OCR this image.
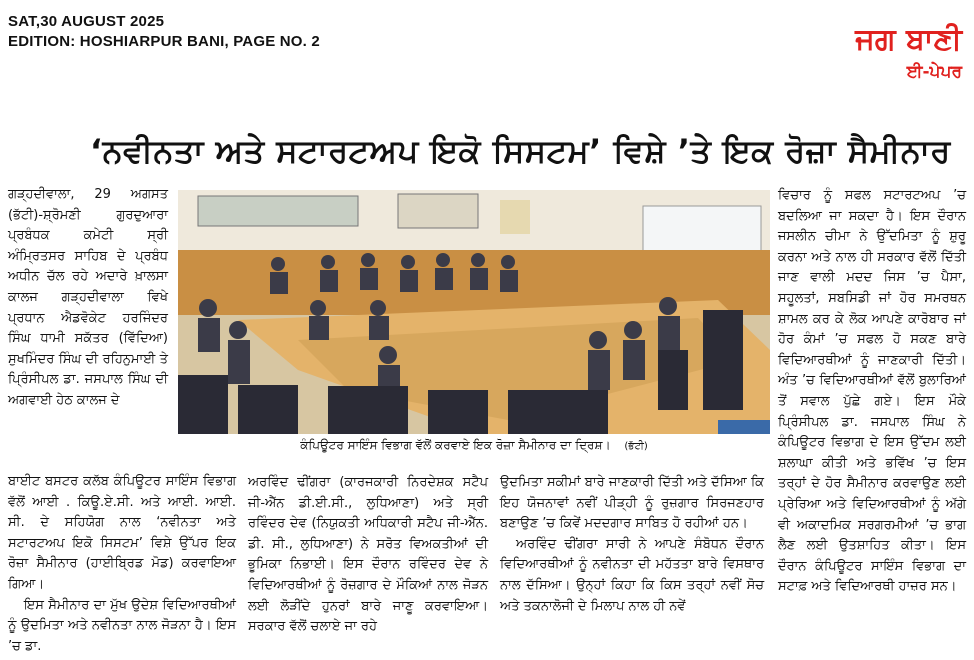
SAT,30 AUGUST 2025
EDITION: HOSHIARPUR BANI, PAGE NO. 2	ਜਗ ਬਾਣੀ
ਈ-ਪੇਪਰ
‘ਨਵੀਨਤਾ ਅਤੇ ਸਟਾਰਟਅਪ ਇਕੋ ਸਿਸਟਮ’ ਵਿਸ਼ੇ ’ਤੇ ਇਕ ਰੋਜ਼ਾ ਸੈਮੀਨਾਰ

ਗੜ੍ਹਦੀਵਾਲਾ, 29 ਅਗਸਤ (ਭੱਟੀ)-ਸ਼੍ਰੋਮਣੀ ਗੁਰਦੁਆਰਾ ਪ੍ਰਬੰਧਕ ਕਮੇਟੀ ਸ੍ਰੀ ਅੰਮ੍ਰਿਤਸਰ ਸਾਹਿਬ ਦੇ ਪ੍ਰਬੰਧ ਅਧੀਨ ਚੱਲ ਰਹੇ ਅਦਾਰੇ ਖ਼ਾਲਸਾ ਕਾਲਜ ਗੜ੍ਹਦੀਵਾਲਾ ਵਿਖੇ ਪ੍ਰਧਾਨ ਐਡਵੋਕੇਟ ਹਰਜਿੰਦਰ ਸਿੰਘ ਧਾਮੀ ਸਕੱਤਰ (ਵਿੱਦਿਆ) ਸੁਖਮਿੰਦਰ ਸਿੰਘ ਦੀ ਰਹਿਨੁਮਾਈ ਤੇ ਪ੍ਰਿੰਸੀਪਲ ਡਾ. ਜਸਪਾਲ ਸਿੰਘ ਦੀ ਅਗਵਾਈ ਹੇਠ ਕਾਲਜ ਦੇ

ਕੰਪਿਊਟਰ ਸਾਇੰਸ ਵਿਭਾਗ ਵੱਲੋਂ ਕਰਵਾਏ ਇਕ ਰੋਜ਼ਾ ਸੈਮੀਨਾਰ ਦਾ ਦ੍ਰਿਸ਼। (ਭੱਟੀ)

ਬਾਈਟ ਬਸਟਰ ਕਲੱਬ ਕੰਪਿਊਟਰ ਸਾਇੰਸ ਵਿਭਾਗ ਵੱਲੋਂ ਆਈ . ਕਿਊ.ਏ.ਸੀ. ਅਤੇ ਆਈ. ਆਈ. ਸੀ. ਦੇ ਸਹਿਯੋਗ ਨਾਲ ‘ਨਵੀਨਤਾ ਅਤੇ ਸਟਾਰਟਅਪ ਇਕੋ ਸਿਸਟਮ’ ਵਿਸ਼ੇ ਉੱਪਰ ਇਕ ਰੋਜ਼ਾ ਸੈਮੀਨਾਰ (ਹਾਈਬ੍ਰਿਡ ਮੋਡ) ਕਰਵਾਇਆ ਗਿਆ।

ਇਸ ਸੈਮੀਨਾਰ ਦਾ ਮੁੱਖ ਉਦੇਸ਼ ਵਿਦਿਆਰਥੀਆਂ ਨੂੰ ਉਦਮਿਤਾ ਅਤੇ ਨਵੀਨਤਾ ਨਾਲ ਜੋੜਨਾ ਹੈ। ਇਸ ’ਚ ਡਾ.

ਅਰਵਿੰਦ ਢੀਂਗਰਾ (ਕਾਰਜਕਾਰੀ ਨਿਰਦੇਸ਼ਕ ਸਟੈਪ ਜੀ-ਐੱਨ ਡੀ.ਈ.ਸੀ., ਲੁਧਿਆਣਾ) ਅਤੇ ਸ੍ਰੀ ਰਵਿੰਦਰ ਦੇਵ (ਨਿਯੁਕਤੀ ਅਧਿਕਾਰੀ ਸਟੈਪ ਜੀ-ਐੱਨ. ਡੀ. ਸੀ., ਲੁਧਿਆਣਾ) ਨੇ ਸਰੋਤ ਵਿਅਕਤੀਆਂ ਦੀ ਭੂਮਿਕਾ ਨਿਭਾਈ। ਇਸ ਦੌਰਾਨ ਰਵਿੰਦਰ ਦੇਵ ਨੇ ਵਿਦਿਆਰਥੀਆਂ ਨੂੰ ਰੋਜ਼ਗਾਰ ਦੇ ਮੌਕਿਆਂ ਨਾਲ ਜੋੜਨ ਲਈ ਲੋੜੀਂਦੇ ਹੁਨਰਾਂ ਬਾਰੇ ਜਾਣੂ ਕਰਵਾਇਆ। ਸਰਕਾਰ ਵੱਲੋਂ ਚਲਾਏ ਜਾ ਰਹੇ

ਉਦਮਿਤਾ ਸਕੀਮਾਂ ਬਾਰੇ ਜਾਣਕਾਰੀ ਦਿੱਤੀ ਅਤੇ ਦੱਸਿਆ ਕਿ ਇਹ ਯੋਜਨਾਵਾਂ ਨਵੀਂ ਪੀੜ੍ਹੀ ਨੂੰ ਰੁਜ਼ਗਾਰ ਸਿਰਜਣਹਾਰ ਬਣਾਉਣ ’ਚ ਕਿਵੇਂ ਮਦਦਗਾਰ ਸਾਬਿਤ ਹੋ ਰਹੀਆਂ ਹਨ।

ਅਰਵਿੰਦ ਢੀਂਗਰਾ ਸਾਰੀ ਨੇ ਆਪਣੇ ਸੰਬੋਧਨ ਦੌਰਾਨ ਵਿਦਿਆਰਥੀਆਂ ਨੂੰ ਨਵੀਨਤਾ ਦੀ ਮਹੱਤਤਾ ਬਾਰੇ ਵਿਸਥਾਰ ਨਾਲ ਦੱਸਿਆ। ਉਨ੍ਹਾਂ ਕਿਹਾ ਕਿ ਕਿਸ ਤਰ੍ਹਾਂ ਨਵੀਂ ਸੋਚ ਅਤੇ ਤਕਨਾਲੋਜੀ ਦੇ ਮਿਲਾਪ ਨਾਲ ਹੀ ਨਵੇਂ

ਵਿਚਾਰ ਨੂੰ ਸਫਲ ਸਟਾਰਟਅਪ ’ਚ ਬਦਲਿਆ ਜਾ ਸਕਦਾ ਹੈ। ਇਸ ਦੌਰਾਨ ਜਸਲੀਨ ਚੀਮਾ ਨੇ ਉੱਦਮਿਤਾ ਨੂੰ ਸ਼ੁਰੂ ਕਰਨਾ ਅਤੇ ਨਾਲ ਹੀ ਸਰਕਾਰ ਵੱਲੋਂ ਦਿੱਤੀ ਜਾਣ ਵਾਲੀ ਮਦਦ ਜਿਸ ’ਚ ਪੈਸਾ, ਸਹੂਲਤਾਂ, ਸਬਸਿਡੀ ਜਾਂ ਹੋਰ ਸਮਰਥਨ ਸ਼ਾਮਲ ਕਰ ਕੇ ਲੋਕ ਆਪਣੇ ਕਾਰੋਬਾਰ ਜਾਂ ਹੋਰ ਕੰਮਾਂ ’ਚ ਸਫਲ ਹੋ ਸਕਣ ਬਾਰੇ ਵਿਦਿਆਰਥੀਆਂ ਨੂੰ ਜਾਣਕਾਰੀ ਦਿੱਤੀ। ਅੰਤ ’ਚ ਵਿਦਿਆਰਥੀਆਂ ਵੱਲੋਂ ਬੁਲਾਰਿਆਂ ਤੋਂ ਸਵਾਲ ਪੁੱਛੇ ਗਏ। ਇਸ ਮੌਕੇ ਪ੍ਰਿੰਸੀਪਲ ਡਾ. ਜਸਪਾਲ ਸਿੰਘ ਨੇ ਕੰਪਿਊਟਰ ਵਿਭਾਗ ਦੇ ਇਸ ਉੱਦਮ ਲਈ ਸ਼ਲਾਘਾ ਕੀਤੀ ਅਤੇ ਭਵਿੱਖ ’ਚ ਇਸ ਤਰ੍ਹਾਂ ਦੇ ਹੋਰ ਸੈਮੀਨਾਰ ਕਰਵਾਉਣ ਲਈ ਪ੍ਰੇਰਿਆ ਅਤੇ ਵਿਦਿਆਰਥੀਆਂ ਨੂੰ ਅੱਗੇ ਵੀ ਅਕਾਦਮਿਕ ਸਰਗਰਮੀਆਂ ’ਚ ਭਾਗ ਲੈਣ ਲਈ ਉਤਸ਼ਾਹਿਤ ਕੀਤਾ। ਇਸ ਦੌਰਾਨ ਕੰਪਿਊਟਰ ਸਾਇੰਸ ਵਿਭਾਗ ਦਾ ਸਟਾਫ਼ ਅਤੇ ਵਿਦਿਆਰਥੀ ਹਾਜ਼ਰ ਸਨ।
